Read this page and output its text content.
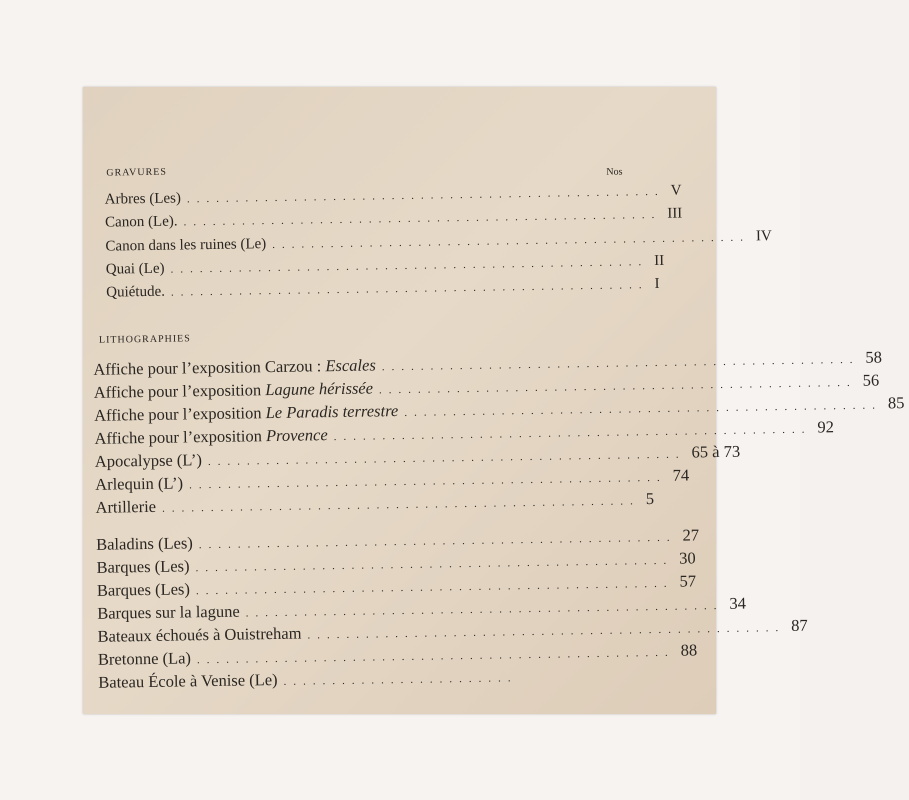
GRAVURES	Nos
Arbres (Les) ................................................. V
Canon (Le). ................................................. III
Canon dans les ruines (Le) ................................................. IV
Quai (Le) ................................................. II
Quiétude. ................................................. I
LITHOGRAPHIES
Affiche pour l’exposition Carzou : Escales ................................................. 58
Affiche pour l’exposition Lagune hérissée ................................................. 56
Affiche pour l’exposition Le Paradis terrestre ................................................. 85
Affiche pour l’exposition Provence ................................................. 92
Apocalypse (L’) ................................................. 65 à 73
Arlequin (L’) ................................................. 74
Artillerie ................................................. 5
Baladins (Les) ................................................. 27
Barques (Les) ................................................. 30
Barques (Les) ................................................. 57
Barques sur la lagune ................................................. 34
Bateaux échoués à Ouistreham ................................................. 87
Bretonne (La) ................................................. 88
Bateau École à Venise (Le) ........................
